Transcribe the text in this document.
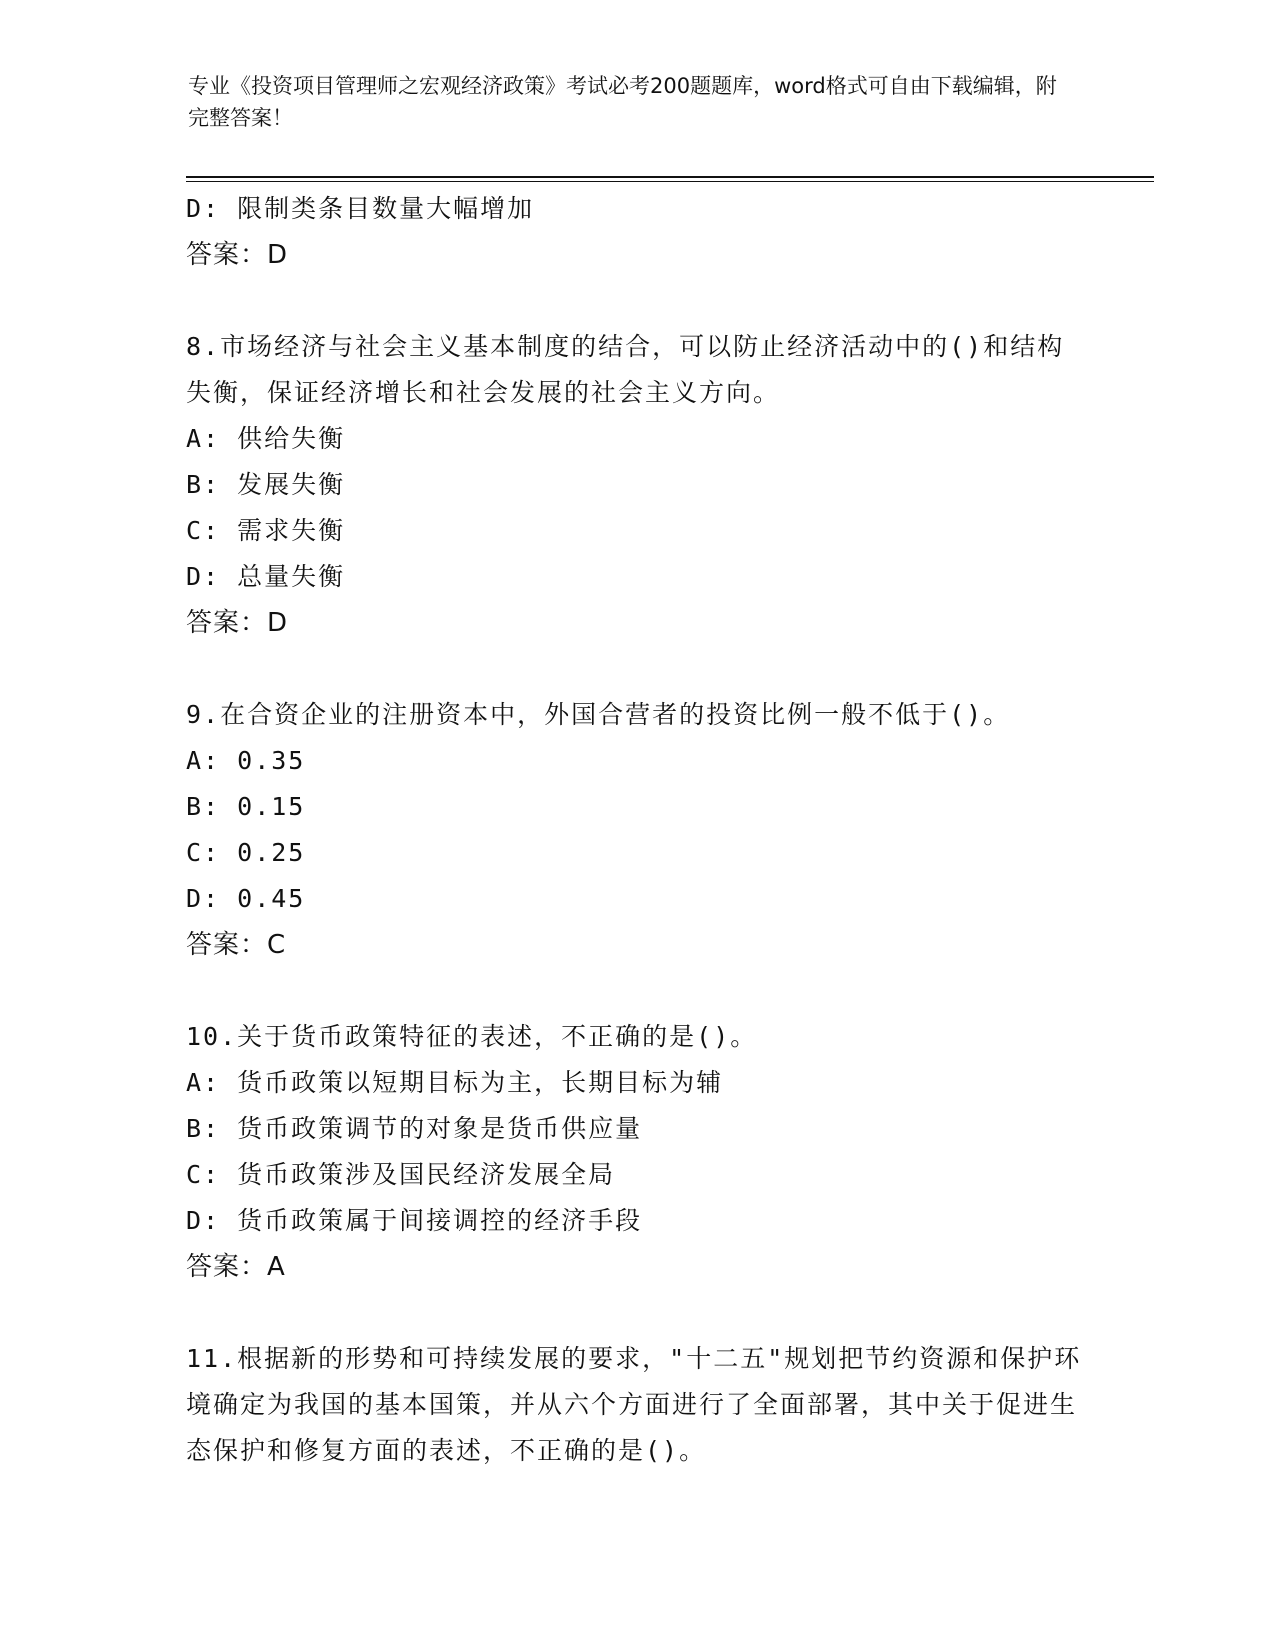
专业《投资项目管理师之宏观经济政策》考试必考200题题库，word格式可自由下载编辑，附完整答案！
D: 限制类条目数量大幅增加
答案：D
8.市场经济与社会主义基本制度的结合，可以防止经济活动中的()和结构失衡，保证经济增长和社会发展的社会主义方向。
A: 供给失衡
B: 发展失衡
C: 需求失衡
D: 总量失衡
答案：D
9.在合资企业的注册资本中，外国合营者的投资比例一般不低于()。
A: 0.35
B: 0.15
C: 0.25
D: 0.45
答案：C
10.关于货币政策特征的表述，不正确的是()。
A: 货币政策以短期目标为主，长期目标为辅
B: 货币政策调节的对象是货币供应量
C: 货币政策涉及国民经济发展全局
D: 货币政策属于间接调控的经济手段
答案：A
11.根据新的形势和可持续发展的要求，"十二五"规划把节约资源和保护环境确定为我国的基本国策，并从六个方面进行了全面部署，其中关于促进生态保护和修复方面的表述，不正确的是()。
